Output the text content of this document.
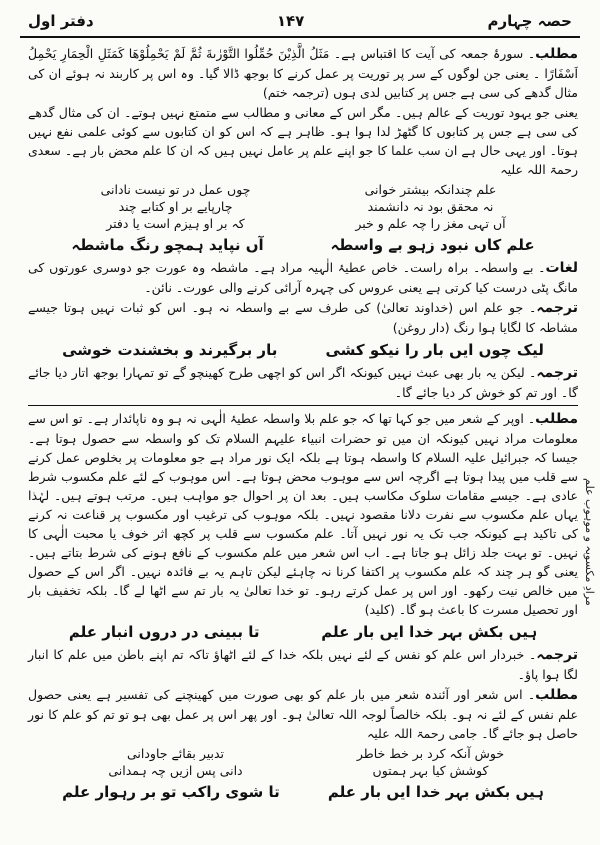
حصہ چہارم
۱۴۷
دفتر اول

مطلب۔ سورۂ جمعہ کی آیت کا اقتباس ہے۔ مَثَلُ الَّذِيْنَ حُمِّلُوا التَّوْرٰىةَ ثُمَّ لَمْ يَحْمِلُوْهَا كَمَثَلِ الْحِمَارِ يَحْمِلُ اَسْفَارًا ۔ یعنی جن لوگوں کے سر پر توریت پر عمل کرنے کا بوجھ ڈالا گیا۔ وہ اس پر کاربند نہ ہوئے ان کی مثال گدھے کی سی ہے جس پر کتابیں لدی ہوں (ترجمہ ختم)

یعنی جو یہود توریت کے عالم ہیں۔ مگر اس کے معانی و مطالب سے متمتع نہیں ہوتے۔ ان کی مثال گدھے کی سی ہے جس پر کتابوں کا گٹھڑ لدا ہوا ہو۔ ظاہر ہے کہ اس کو ان کتابوں سے کوئی علمی نفع نہیں ہوتا۔ اور یہی حال ہے ان سب علما کا جو اپنے علم پر عامل نہیں ہیں کہ ان کا علم محض بار ہے۔ سعدی رحمۃ اللہ علیہ

علم چندانکہ بیشتر خوانی
چوں عمل در تو نیست نادانی
نہ محقق بود نہ دانشمند
چارپایے بر او کتابے چند
آں تہی مغز را چہ علم و خبر
کہ بر او ہیزم است یا دفتر
علم کاں نبود زہو بے واسطہ
آں نپاید ہمچو رنگ ماشطہ

لغات۔ بے واسطہ۔ براہ راست۔ خاص عطیۂ الٰہیہ مراد ہے۔ ماشطہ وہ عورت جو دوسری عورتوں کی مانگ پٹی درست کیا کرتی ہے یعنی عروس کی چہرہ آرائی کرنے والی عورت۔ نائن۔

ترجمہ۔ جو علم اس (خداوند تعالیٰ) کی طرف سے بے واسطہ نہ ہو۔ اس کو ثبات نہیں ہوتا جیسے مشاطہ کا لگایا ہوا رنگ (دار روغن)

لیک چوں ایں بار را نیکو کشی
بار برگیرند و بخشندت خوشی

ترجمہ۔ لیکن یہ بار بھی عبث نہیں کیونکہ اگر اس کو اچھی طرح کھینچو گے تو تمہارا بوجھ اتار دیا جائے گا۔ اور تم کو خوش کر دیا جائے گا۔

مطلب۔ اوپر کے شعر میں جو کہا تھا کہ جو علم بلا واسطہ عطیۂ الٰہی نہ ہو وہ ناپائدار ہے۔ تو اس سے معلومات مراد نہیں کیونکہ ان میں تو حضرات انبیاء علیہم السلام تک کو واسطہ سے حصول ہوتا ہے۔ جیسا کہ جبرائیل علیہ السلام کا واسطہ ہوتا ہے بلکہ ایک نور مراد ہے جو معلومات پر بخلوص عمل کرنے سے قلب میں پیدا ہوتا ہے اگرچہ اس سے موہوب محض ہوتا ہے۔ اس موہوب کے لئے علم مکسوب شرط عادی ہے۔ جیسے مقامات سلوک مکاسب ہیں۔ بعد ان پر احوال جو مواہب ہیں۔ مرتب ہوتے ہیں۔ لہٰذا یہاں علم مکسوب سے نفرت دلانا مقصود نہیں۔ بلکہ موہوب کی ترغیب اور مکسوب پر قناعت نہ کرنے کی تاکید ہے کیونکہ جب تک یہ نور نہیں آتا۔ علم مکسوب سے قلب پر کچھ اثر خوف یا محبت الٰہی کا نہیں۔ تو بہت جلد زائل ہو جاتا ہے۔ اب اس شعر میں علم مکسوب کے نافع ہونے کی شرط بتاتے ہیں۔ یعنی گو ہر چند کہ علم مکسوب پر اکتفا کرنا نہ چاہئے لیکن تاہم یہ بے فائدہ نہیں۔ اگر اس کے حصول میں خالص نیت رکھو۔ اور اس پر عمل کرتے رہو۔ تو خدا تعالیٰ یہ بار تم سے اٹھا لے گا۔ بلکہ تخفیف بار اور تحصیل مسرت کا باعث ہو گا۔ (کلید)

ہیں بکش بہر خدا ایں بار علم
تا ببینی در دروں انبار علم

ترجمہ۔ خبردار اس علم کو نفس کے لئے نہیں بلکہ خدا کے لئے اٹھاؤ تاکہ تم اپنے باطن میں علم کا انبار لگا ہوا پاؤ۔

مطلب۔ اس شعر اور آئندہ شعر میں بار علم کو بھی صورت میں کھینچنے کی تفسیر ہے یعنی حصول علم نفس کے لئے نہ ہو۔ بلکہ خالصاً لوجہ اللہ تعالیٰ ہو۔ اور پھر اس پر عمل بھی ہو تو تم کو علم کا نور حاصل ہو جائے گا۔ جامی رحمۃ اللہ علیہ

خوش آنکہ کرد بر خط خاطر
تدبیر بقائے جاودانی
کوشش کیا بہر ہمتوں
دانی پس ازیں چہ ہمدانی
ہیں بکش بہر خدا ایں بار علم
تا شوی راکب تو بر رہوار علم
مرادِ مکسوبہ و موہوب علم
